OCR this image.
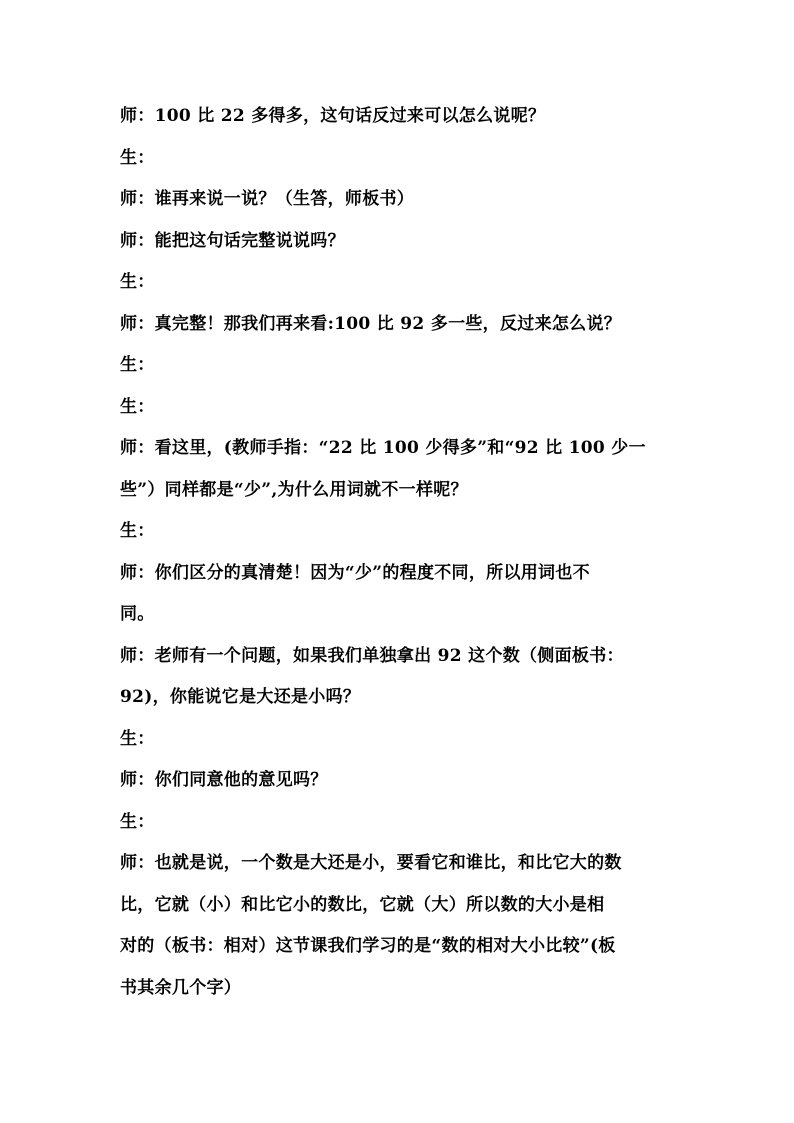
师：100 比 22 多得多，这句话反过来可以怎么说呢？
生：
师：谁再来说一说？（生答，师板书）
师：能把这句话完整说说吗？
生：
师：真完整！那我们再来看:100 比 92 多一些，反过来怎么说？
生：
生：
师：看这里，(教师手指：“22 比 100 少得多”和“92 比 100 少一
些”）同样都是“少”,为什么用词就不一样呢？
生：
师：你们区分的真清楚！因为“少”的程度不同，所以用词也不
同。
师：老师有一个问题，如果我们单独拿出 92 这个数（侧面板书：
92)，你能说它是大还是小吗？
生：
师：你们同意他的意见吗？
生：
师：也就是说，一个数是大还是小，要看它和谁比，和比它大的数
比，它就（小）和比它小的数比，它就（大）所以数的大小是相
对的（板书：相对）这节课我们学习的是“数的相对大小比较”(板
书其余几个字）
